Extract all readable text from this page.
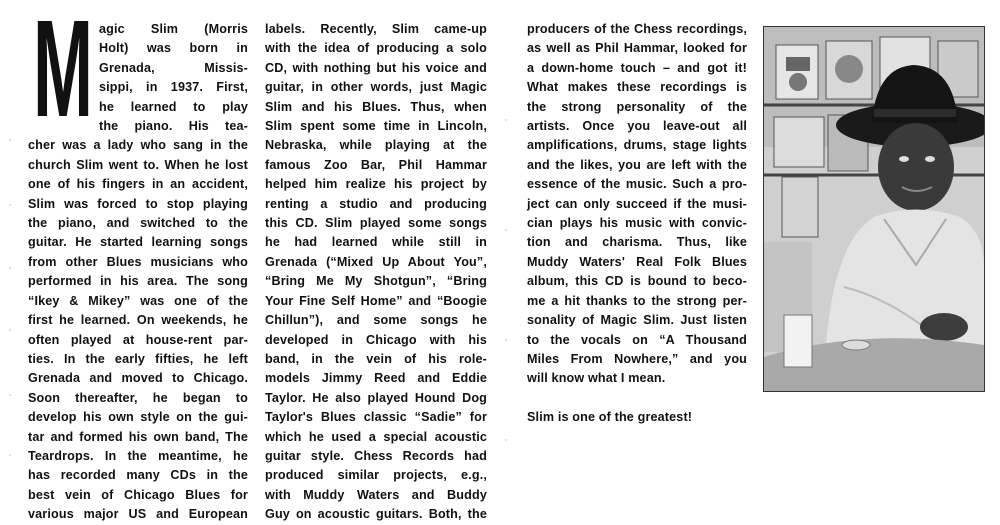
M agic Slim (Morris
Holt) was born in
Grenada, Missis-
sippi, in 1937. First,
he learned to play
the piano. His tea-
cher was a lady who sang in the
church Slim went to. When he lost
one of his fingers in an accident,
Slim was forced to stop playing
the piano, and switched to the
guitar. He started learning songs
from other Blues musicians who
performed in his area. The song
“Ikey & Mikey” was one of the
first he learned. On weekends, he
often played at house-rent par-
ties. In the early fifties, he left
Grenada and moved to Chicago.
Soon thereafter, he began to
develop his own style on the gui-
tar and formed his own band, The
Teardrops. In the meantime, he
has recorded many CDs in the
best vein of Chicago Blues for
various major US and European
labels. Recently, Slim came-up
with the idea of producing a solo
CD, with nothing but his voice and
guitar, in other words, just Magic
Slim and his Blues. Thus, when
Slim spent some time in Lincoln,
Nebraska, while playing at the
famous Zoo Bar, Phil Hammar
helped him realize his project by
renting a studio and producing
this CD. Slim played some songs
he had learned while still in
Grenada (“Mixed Up About You”,
“Bring Me My Shotgun”, “Bring
Your Fine Self Home” and “Boogie
Chillun”), and some songs he
developed in Chicago with his
band, in the vein of his role-
models Jimmy Reed and Eddie
Taylor. He also played Hound Dog
Taylor's Blues classic “Sadie” for
which he used a special acoustic
guitar style. Chess Records had
produced similar projects, e.g.,
with Muddy Waters and Buddy
Guy on acoustic guitars. Both, the
producers of the Chess recordings,
as well as Phil Hammar, looked for
a down-home touch – and got it!
What makes these recordings is
the strong personality of the
artists. Once you leave-out all
amplifications, drums, stage lights
and the likes, you are left with the
essence of the music. Such a pro-
ject can only succeed if the musi-
cian plays his music with convic-
tion and charisma. Thus, like
Muddy Waters' Real Folk Blues
album, this CD is bound to beco-
me a hit thanks to the strong per-
sonality of Magic Slim. Just listen
to the vocals on “A Thousand
Miles From Nowhere,” and you
will know what I mean.
Slim is one of the greatest!
